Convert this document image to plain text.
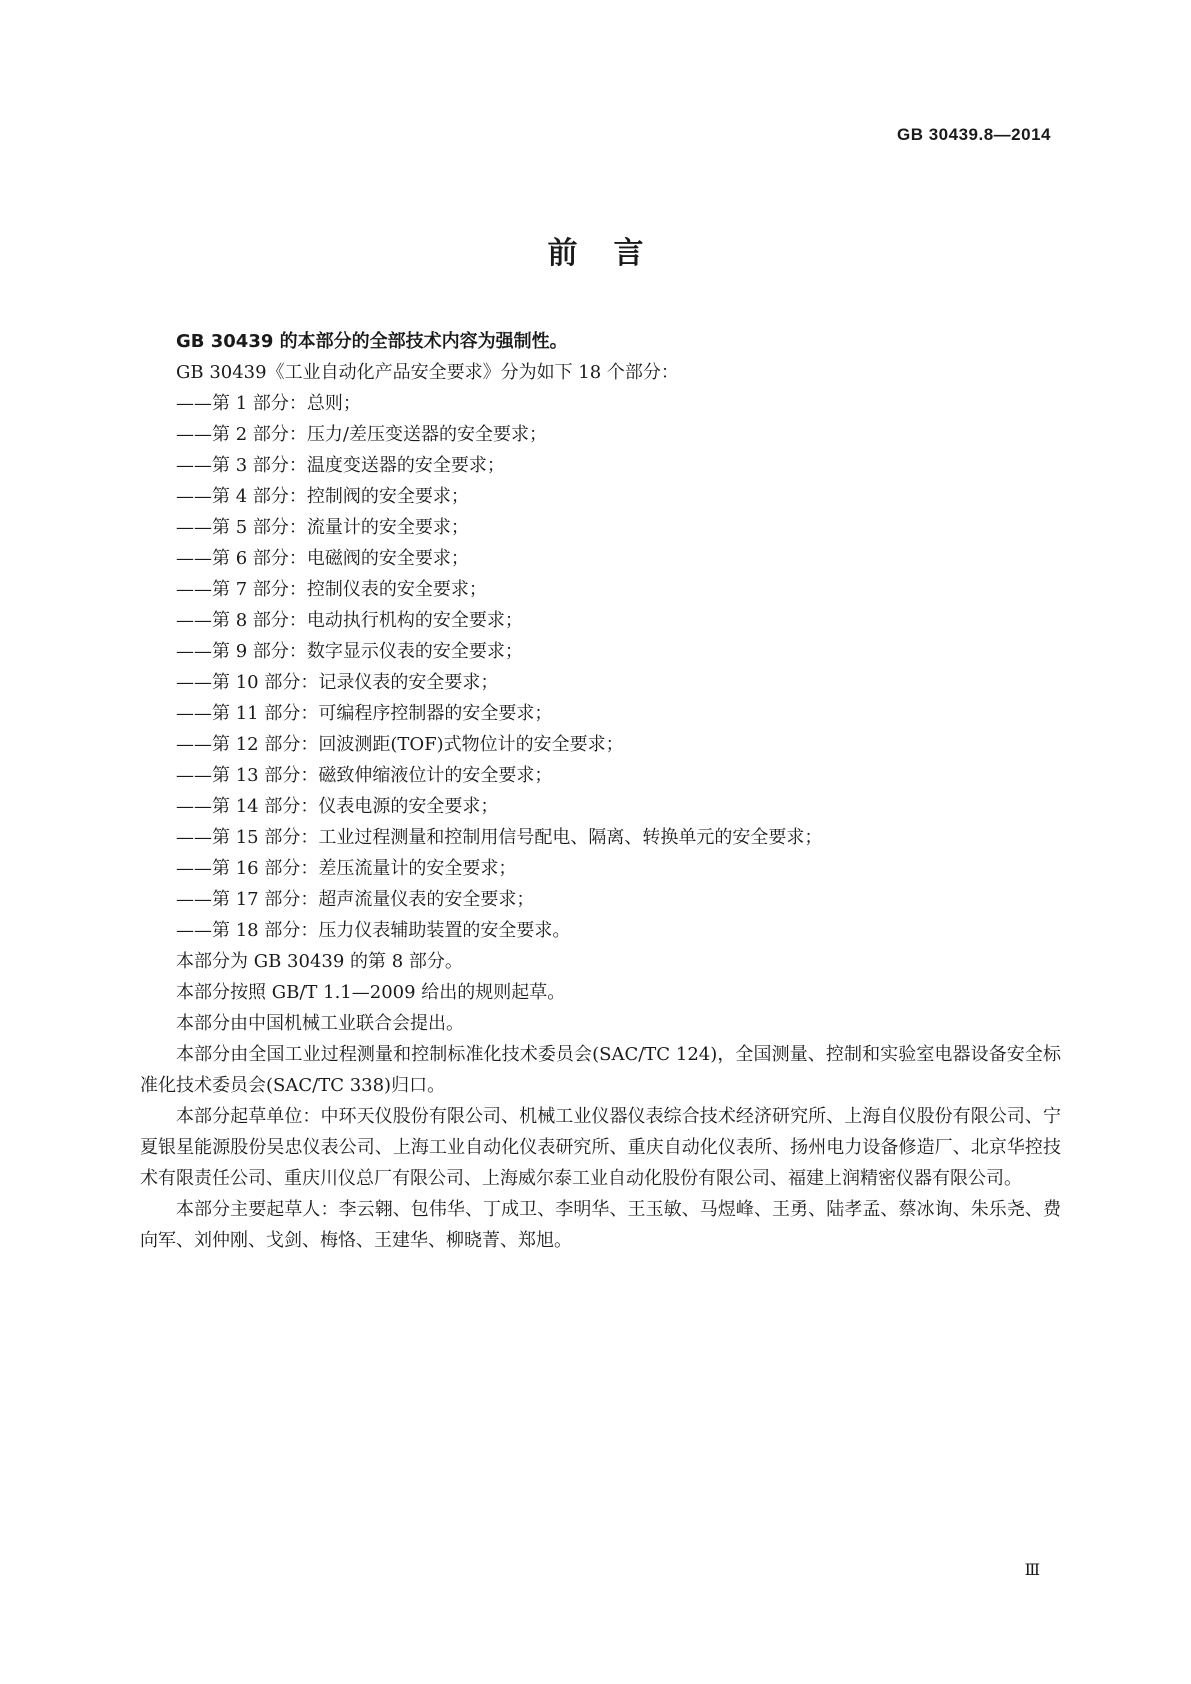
GB 30439.8—2014
前言

GB 30439 的本部分的全部技术内容为强制性。

GB 30439《工业自动化产品安全要求》分为如下 18 个部分：

——第 1 部分：总则；
——第 2 部分：压力/差压变送器的安全要求；
——第 3 部分：温度变送器的安全要求；
——第 4 部分：控制阀的安全要求；
——第 5 部分：流量计的安全要求；
——第 6 部分：电磁阀的安全要求；
——第 7 部分：控制仪表的安全要求；
——第 8 部分：电动执行机构的安全要求；
——第 9 部分：数字显示仪表的安全要求；
——第 10 部分：记录仪表的安全要求；
——第 11 部分：可编程序控制器的安全要求；
——第 12 部分：回波测距(TOF)式物位计的安全要求；
——第 13 部分：磁致伸缩液位计的安全要求；
——第 14 部分：仪表电源的安全要求；
——第 15 部分：工业过程测量和控制用信号配电、隔离、转换单元的安全要求；
——第 16 部分：差压流量计的安全要求；
——第 17 部分：超声流量仪表的安全要求；
——第 18 部分：压力仪表辅助装置的安全要求。

本部分为 GB 30439 的第 8 部分。

本部分按照 GB/T 1.1—2009 给出的规则起草。

本部分由中国机械工业联合会提出。

本部分由全国工业过程测量和控制标准化技术委员会(SAC/TC 124)，全国测量、控制和实验室电器设备安全标准化技术委员会(SAC/TC 338)归口。

本部分起草单位：中环天仪股份有限公司、机械工业仪器仪表综合技术经济研究所、上海自仪股份有限公司、宁夏银星能源股份吴忠仪表公司、上海工业自动化仪表研究所、重庆自动化仪表所、扬州电力设备修造厂、北京华控技术有限责任公司、重庆川仪总厂有限公司、上海威尔泰工业自动化股份有限公司、福建上润精密仪器有限公司。

本部分主要起草人：李云翱、包伟华、丁成卫、李明华、王玉敏、马煜峰、王勇、陆孝孟、蔡冰询、朱乐尧、费向军、刘仲刚、戈剑、梅恪、王建华、柳晓菁、郑旭。

Ⅲ
